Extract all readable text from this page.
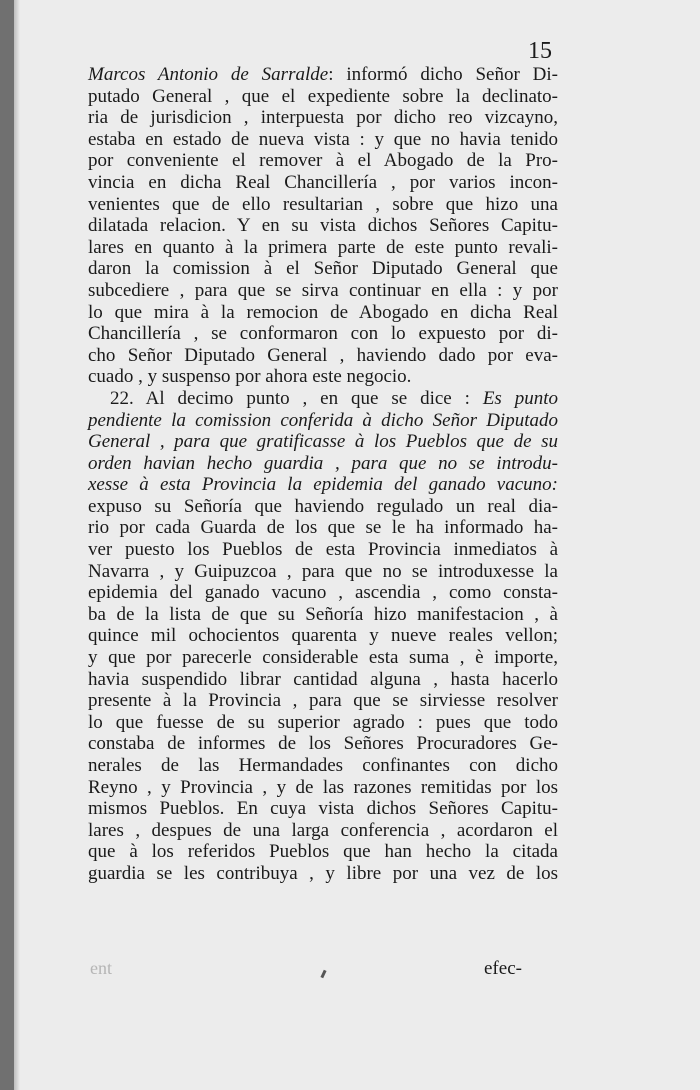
15
Marcos Antonio de Sarralde: informó dicho Señor Di-
putado General , que el expediente sobre la declinato-
ria de jurisdicion , interpuesta por dicho reo vizcayno,
estaba en estado de nueva vista : y que no havia tenido
por conveniente el remover à el Abogado de la Pro-
vincia en dicha Real Chancillería , por varios incon-
venientes que de ello resultarian , sobre que hizo una
dilatada relacion. Y en su vista dichos Señores Capitu-
lares en quanto à la primera parte de este punto revali-
daron la comission à el Señor Diputado General que
subcediere , para que se sirva continuar en ella : y por
lo que mira à la remocion de Abogado en dicha Real
Chancillería , se conformaron con lo expuesto por di-
cho Señor Diputado General , haviendo dado por eva-
cuado , y suspenso por ahora este negocio.
22. Al decimo punto , en que se dice : Es punto
pendiente la comission conferida à dicho Señor Diputado
General , para que gratificasse à los Pueblos que de su
orden havian hecho guardia , para que no se introdu-
xesse à esta Provincia la epidemia del ganado vacuno:
expuso su Señoría que haviendo regulado un real dia-
rio por cada Guarda de los que se le ha informado ha-
ver puesto los Pueblos de esta Provincia inmediatos à
Navarra , y Guipuzcoa , para que no se introduxesse la
epidemia del ganado vacuno , ascendia , como consta-
ba de la lista de que su Señoría hizo manifestacion , à
quince mil ochocientos quarenta y nueve reales vellon;
y que por parecerle considerable esta suma , è importe,
havia suspendido librar cantidad alguna , hasta hacerlo
presente à la Provincia , para que se sirviesse resolver
lo que fuesse de su superior agrado : pues que todo
constaba de informes de los Señores Procuradores Ge-
nerales de las Hermandades confinantes con dicho
Reyno , y Provincia , y de las razones remitidas por los
mismos Pueblos. En cuya vista dichos Señores Capitu-
lares , despues de una larga conferencia , acordaron el
que à los referidos Pueblos que han hecho la citada
guardia se les contribuya , y libre por una vez de los
ent	efec-
